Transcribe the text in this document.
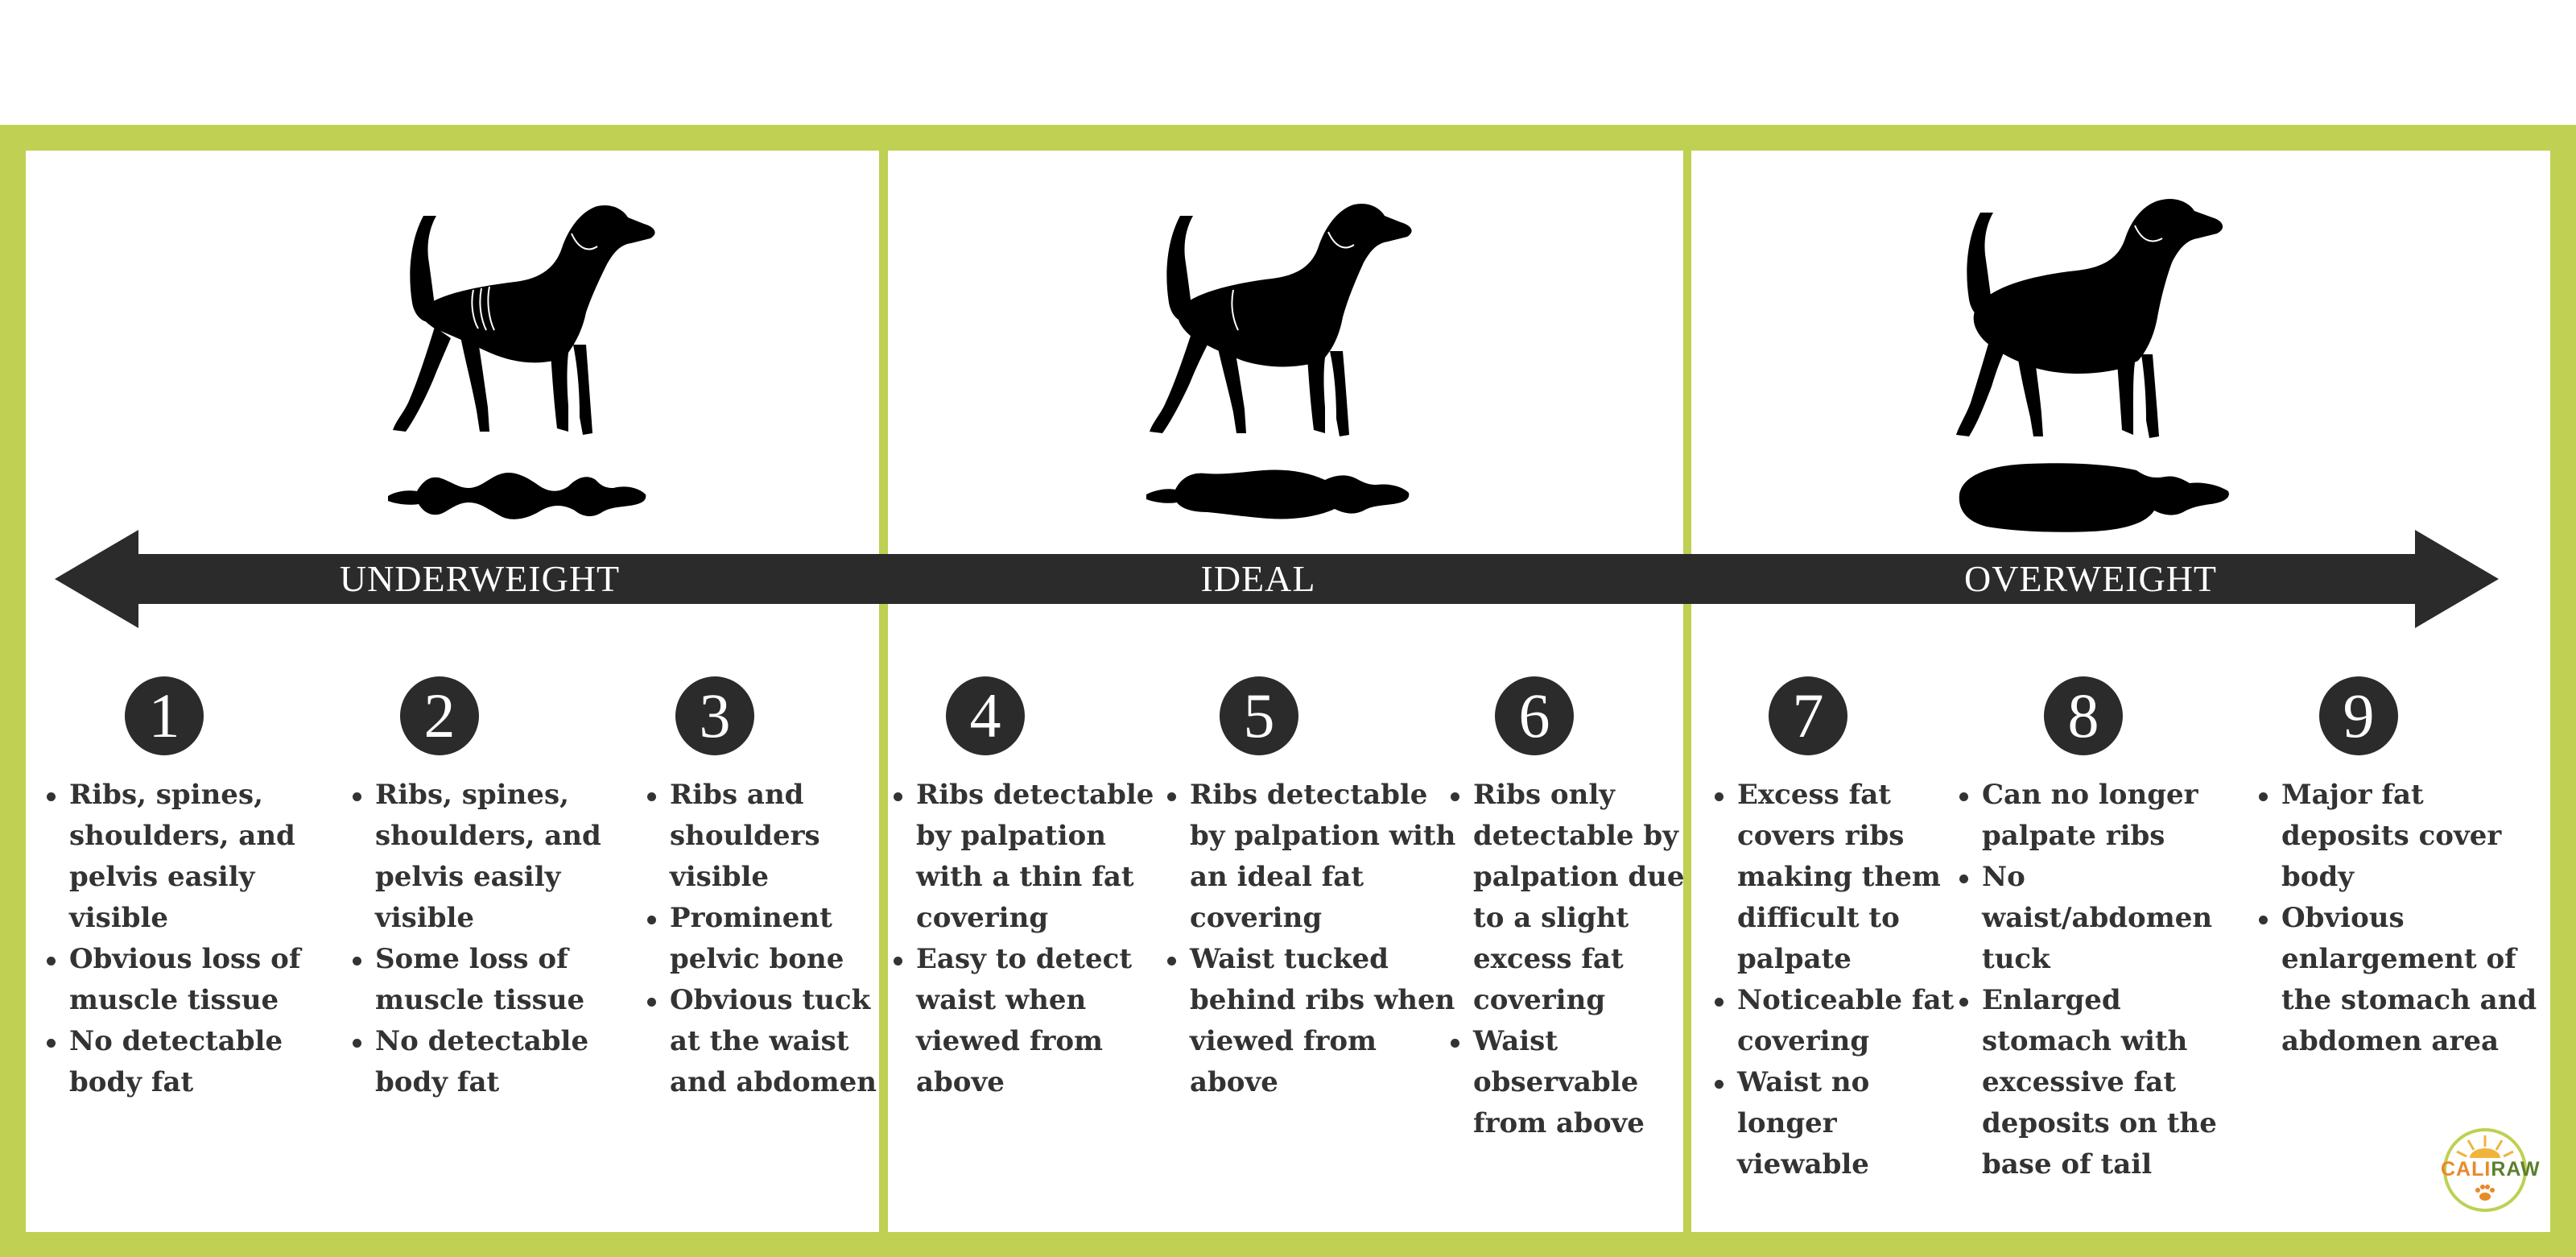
UNDERWEIGHT	IDEAL	OVERWEIGHT
1	2	3	4	5	6	7	8	9
Ribs, spines, shoulders, and pelvis easily visible
Obvious loss of muscle tissue
No detectable body fat
Ribs, spines, shoulders, and pelvis easily visible
Some loss of muscle tissue
No detectable body fat
Ribs and shoulders visible
Prominent pelvic bone
Obvious tuck at the waist and abdomen
Ribs detectable by palpation with a thin fat covering
Easy to detect waist when viewed from above
Ribs detectable by palpation with an ideal fat covering
Waist tucked behind ribs when viewed from above
Ribs only detectable by palpation due to a slight excess fat covering
Waist observable from above
Excess fat covers ribs making them difficult to palpate
Noticeable fat covering
Waist no longer viewable
Can no longer palpate ribs
No waist/abdomen tuck
Enlarged stomach with excessive fat deposits on the base of tail
Major fat deposits cover body
Obvious enlargement of the stomach and abdomen area
CALIRAW
